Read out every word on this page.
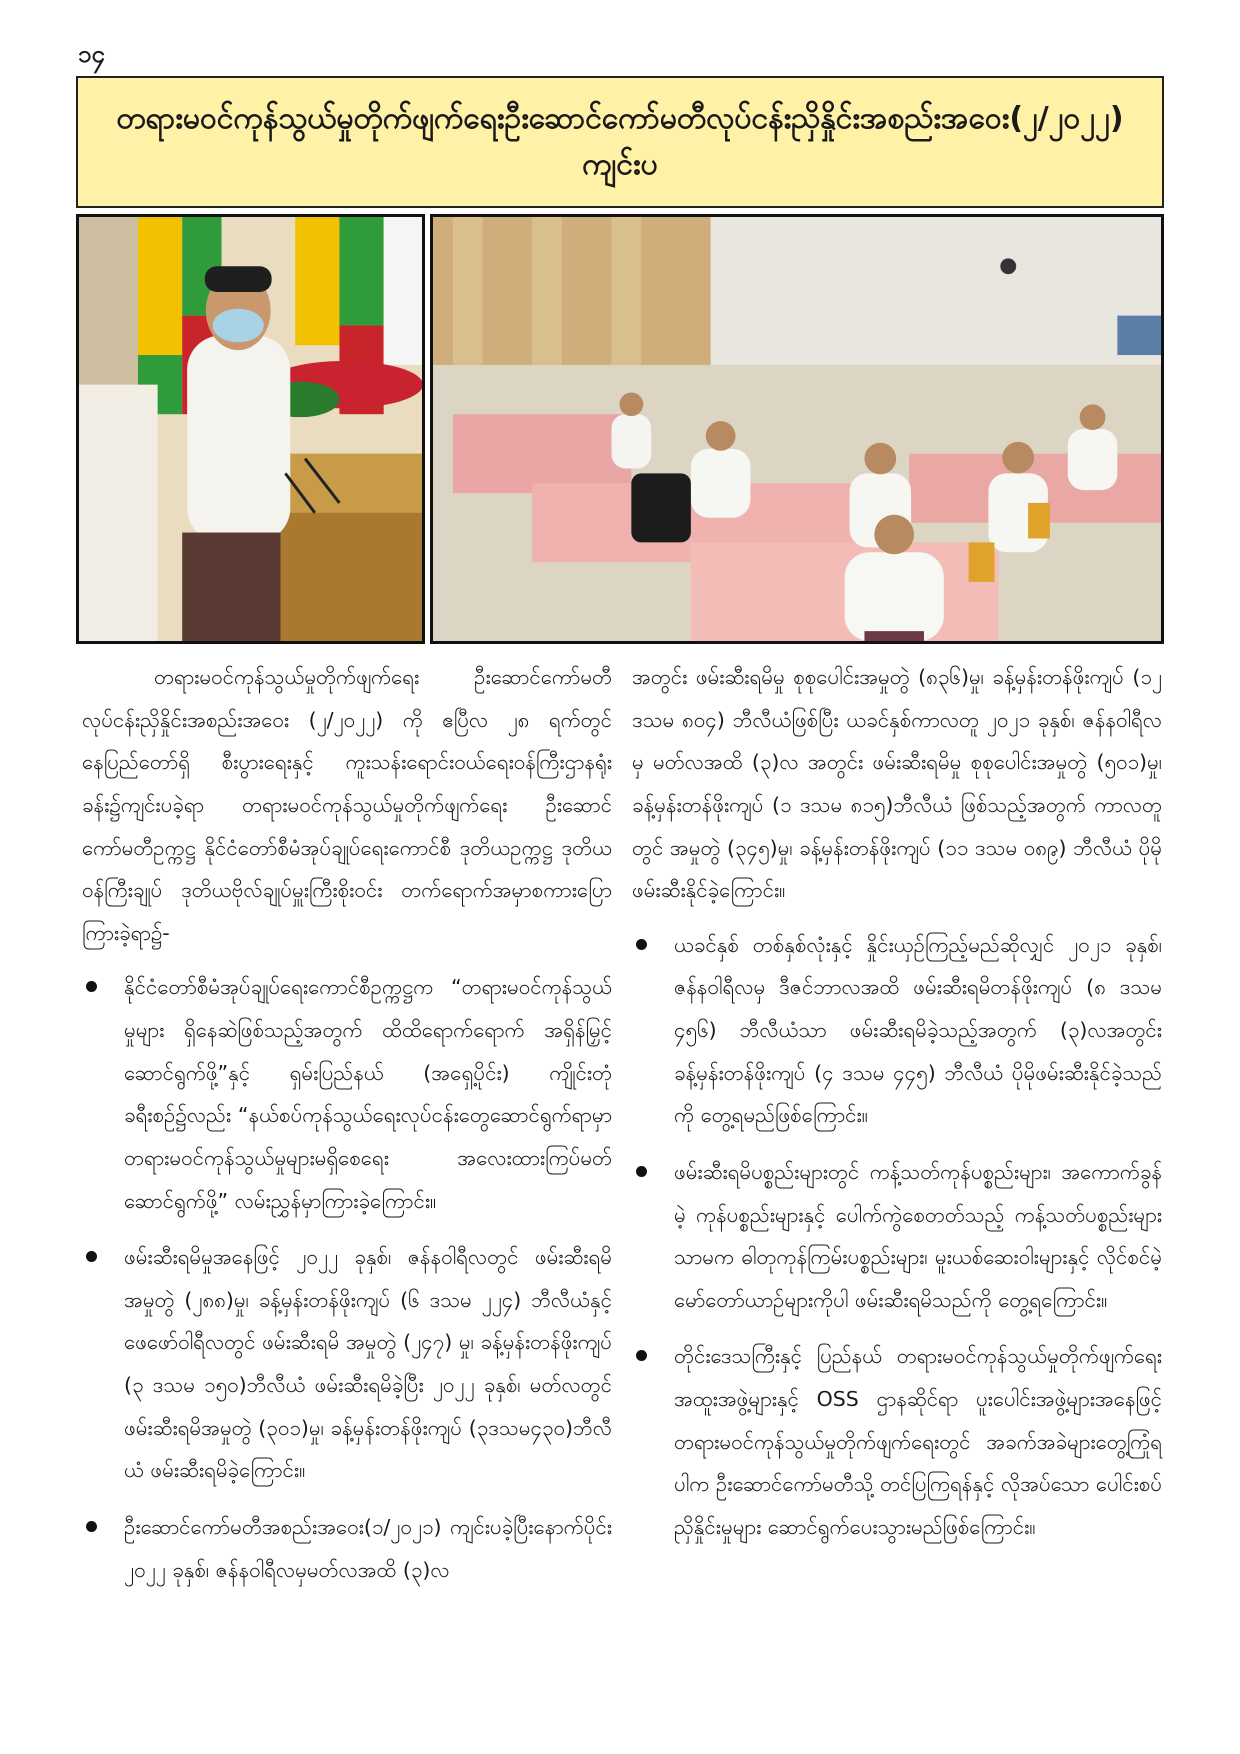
၁၄
တရားမဝင်ကုန်သွယ်မှုတိုက်ဖျက်ရေးဦးဆောင်ကော်မတီလုပ်ငန်းညှိနှိုင်းအစည်းအဝေး(၂/၂၀၂၂)
ကျင်းပ

တရားမဝင်ကုန်သွယ်မှုတိုက်ဖျက်ရေး ဦးဆောင်ကော်မတီ လုပ်ငန်းညှိနှိုင်းအစည်းအဝေး (၂/၂၀၂၂) ကို ဧပြီလ ၂၈ ရက်တွင် နေပြည်တော်ရှိ စီးပွားရေးနှင့် ကူးသန်းရောင်းဝယ်ရေးဝန်ကြီးဌာနရုံးခန်း၌ကျင်းပခဲ့ရာ တရားမဝင်ကုန်သွယ်မှုတိုက်ဖျက်ရေး ဦးဆောင်ကော်မတီဥက္ကဋ္ဌ နိုင်ငံတော်စီမံအုပ်ချုပ်ရေးကောင်စီ ဒုတိယဥက္ကဋ္ဌ ဒုတိယဝန်ကြီးချုပ် ဒုတိယဗိုလ်ချုပ်မှူးကြီးစိုးဝင်း တက်ရောက်အမှာစကားပြောကြားခဲ့ရာ၌-

နိုင်ငံတော်စီမံအုပ်ချုပ်ရေးကောင်စီဥက္ကဋ္ဌက “တရားမဝင်ကုန်သွယ်မှုများ ရှိနေဆဲဖြစ်သည့်အတွက် ထိထိရောက်ရောက် အရှိန်မြှင့်ဆောင်ရွက်ဖို့”နှင့် ရှမ်းပြည်နယ် (အရှေ့ပိုင်း) ကျိုင်းတုံခရီးစဉ်၌လည်း “နယ်စပ်ကုန်သွယ်ရေးလုပ်ငန်းတွေဆောင်ရွက်ရာမှာ တရားမဝင်ကုန်သွယ်မှုများမရှိစေရေး အလေးထားကြပ်မတ်ဆောင်ရွက်ဖို့” လမ်းညွှန်မှာကြားခဲ့ကြောင်း။

ဖမ်းဆီးရမိမှုအနေဖြင့် ၂၀၂၂ ခုနှစ်၊ ဇန်နဝါရီလတွင် ဖမ်းဆီးရမိအမှုတွဲ (၂၈၈)မှု၊ ခန့်မှန်းတန်ဖိုးကျပ် (၆ ဒသမ ၂၂၄) ဘီလီယံနှင့် ဖေဖော်ဝါရီလတွင် ဖမ်းဆီးရမိ အမှုတွဲ (၂၄၇) မှု၊ ခန့်မှန်းတန်ဖိုးကျပ် (၃ ဒသမ ၁၅၀)ဘီလီယံ ဖမ်းဆီးရမိခဲ့ပြီး ၂၀၂၂ ခုနှစ်၊ မတ်လတွင် ဖမ်းဆီးရမိအမှုတွဲ (၃၀၁)မှု၊ ခန့်မှန်းတန်ဖိုးကျပ် (၃ဒသမ၄၃၀)ဘီလီယံ ဖမ်းဆီးရမိခဲ့ကြောင်း။

ဦးဆောင်ကော်မတီအစည်းအဝေး(၁/၂၀၂၁) ကျင်းပခဲ့ပြီးနောက်ပိုင်း ၂၀၂၂ ခုနှစ်၊ ဇန်နဝါရီလမှမတ်လအထိ (၃)လ

အတွင်း ဖမ်းဆီးရမိမှု စုစုပေါင်းအမှုတွဲ (၈၃၆)မှု၊ ခန့်မှန်းတန်ဖိုးကျပ် (၁၂ ဒသမ ၈၀၄) ဘီလီယံဖြစ်ပြီး ယခင်နှစ်ကာလတူ ၂၀၂၁ ခုနှစ်၊ ဇန်နဝါရီလမှ မတ်လအထိ (၃)လ အတွင်း ဖမ်းဆီးရမိမှု စုစုပေါင်းအမှုတွဲ (၅၀၁)မှု၊ ခန့်မှန်းတန်ဖိုးကျပ် (၁ ဒသမ ၈၁၅)ဘီလီယံ ဖြစ်သည့်အတွက် ကာလတူတွင် အမှုတွဲ (၃၄၅)မှု၊ ခန့်မှန်းတန်ဖိုးကျပ် (၁၁ ဒသမ ၀၈၉) ဘီလီယံ ပိုမိုဖမ်းဆီးနိုင်ခဲ့ကြောင်း။

ယခင်နှစ် တစ်နှစ်လုံးနှင့် နှိုင်းယှဉ်ကြည့်မည်ဆိုလျှင် ၂၀၂၁ ခုနှစ်၊ ဇန်နဝါရီလမှ ဒီဇင်ဘာလအထိ ဖမ်းဆီးရမိတန်ဖိုးကျပ် (၈ ဒသမ ၄၅၆) ဘီလီယံသာ ဖမ်းဆီးရမိခဲ့သည့်အတွက် (၃)လအတွင်း ခန့်မှန်းတန်ဖိုးကျပ် (၄ ဒသမ ၄၄၅) ဘီလီယံ ပိုမိုဖမ်းဆီးနိုင်ခဲ့သည်ကို တွေ့ရမည်ဖြစ်ကြောင်း။

ဖမ်းဆီးရမိပစ္စည်းများတွင် ကန့်သတ်ကုန်ပစ္စည်းများ၊ အကောက်ခွန်မဲ့ ကုန်ပစ္စည်းများနှင့် ပေါက်ကွဲစေတတ်သည့် ကန့်သတ်ပစ္စည်းများသာမက ဓါတုကုန်ကြမ်းပစ္စည်းများ၊ မူးယစ်ဆေးဝါးများနှင့် လိုင်စင်မဲ့မော်တော်ယာဉ်များကိုပါ ဖမ်းဆီးရမိသည်ကို တွေ့ရကြောင်း။

တိုင်းဒေသကြီးနှင့် ပြည်နယ် တရားမဝင်ကုန်သွယ်မှုတိုက်ဖျက်ရေးအထူးအဖွဲ့များနှင့် OSS ဌာနဆိုင်ရာ ပူးပေါင်းအဖွဲ့များအနေဖြင့် တရားမဝင်ကုန်သွယ်မှုတိုက်ဖျက်ရေးတွင် အခက်အခဲများတွေ့ကြုံရပါက ဦးဆောင်ကော်မတီသို့ တင်ပြကြရန်နှင့် လိုအပ်သော ပေါင်းစပ်ညှိနှိုင်းမှုများ ဆောင်ရွက်ပေးသွားမည်ဖြစ်ကြောင်း။
